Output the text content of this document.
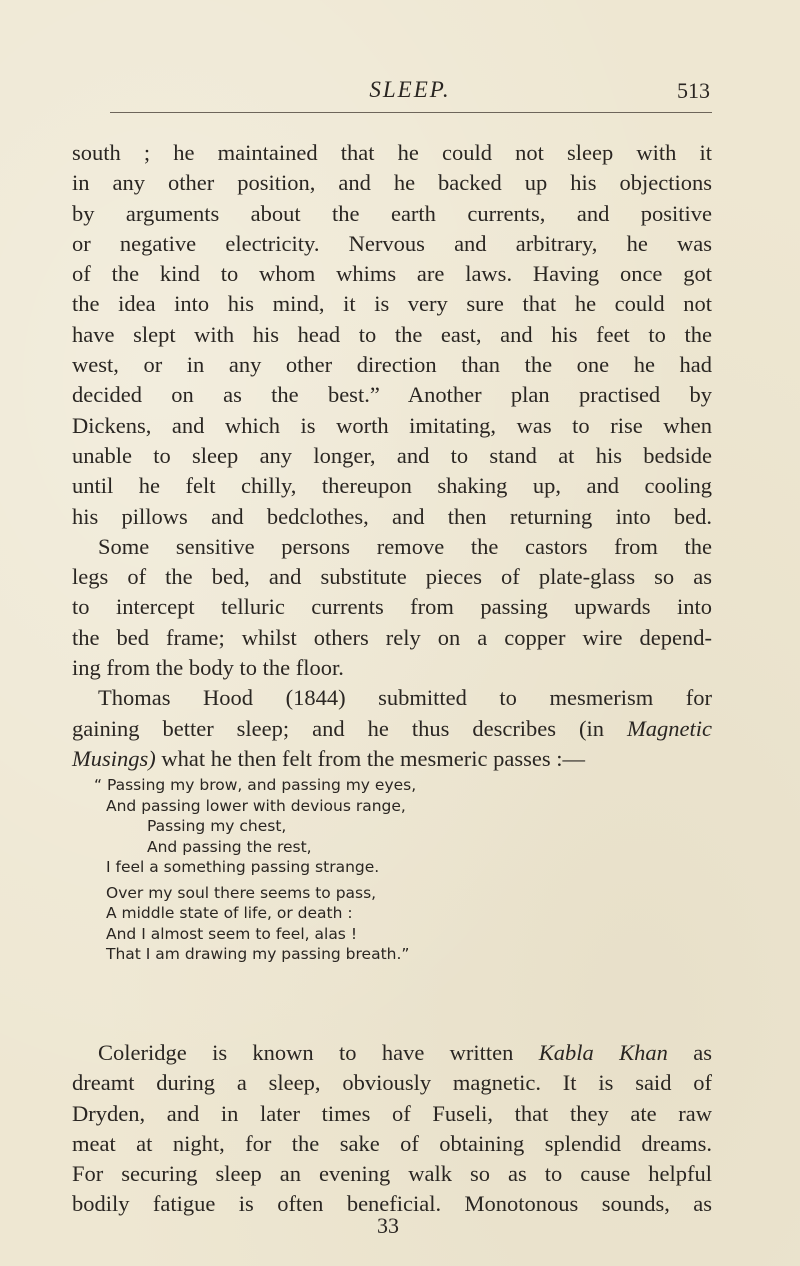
SLEEP.	513
south ; he maintained that he could not sleep with it
in any other position, and he backed up his objections
by arguments about the earth currents, and positive
or negative electricity. Nervous and arbitrary, he was
of the kind to whom whims are laws. Having once got
the idea into his mind, it is very sure that he could not
have slept with his head to the east, and his feet to the
west, or in any other direction than the one he had
decided on as the best.” Another plan practised by
Dickens, and which is worth imitating, was to rise when
unable to sleep any longer, and to stand at his bedside
until he felt chilly, thereupon shaking up, and cooling
his pillows and bedclothes, and then returning into bed.
Some sensitive persons remove the castors from the
legs of the bed, and substitute pieces of plate-glass so as
to intercept telluric currents from passing upwards into
the bed frame; whilst others rely on a copper wire depend-
ing from the body to the floor.
Thomas Hood (1844) submitted to mesmerism for
gaining better sleep; and he thus describes (in Magnetic
Musings) what he then felt from the mesmeric passes :—
“ Passing my brow, and passing my eyes,
And passing lower with devious range,
Passing my chest,
And passing the rest,
I feel a something passing strange.
Over my soul there seems to pass,
A middle state of life, or death :
And I almost seem to feel, alas !
That I am drawing my passing breath.”
Coleridge is known to have written Kabla Khan as
dreamt during a sleep, obviously magnetic. It is said of
Dryden, and in later times of Fuseli, that they ate raw
meat at night, for the sake of obtaining splendid dreams.
For securing sleep an evening walk so as to cause helpful
bodily fatigue is often beneficial. Monotonous sounds, as
33
